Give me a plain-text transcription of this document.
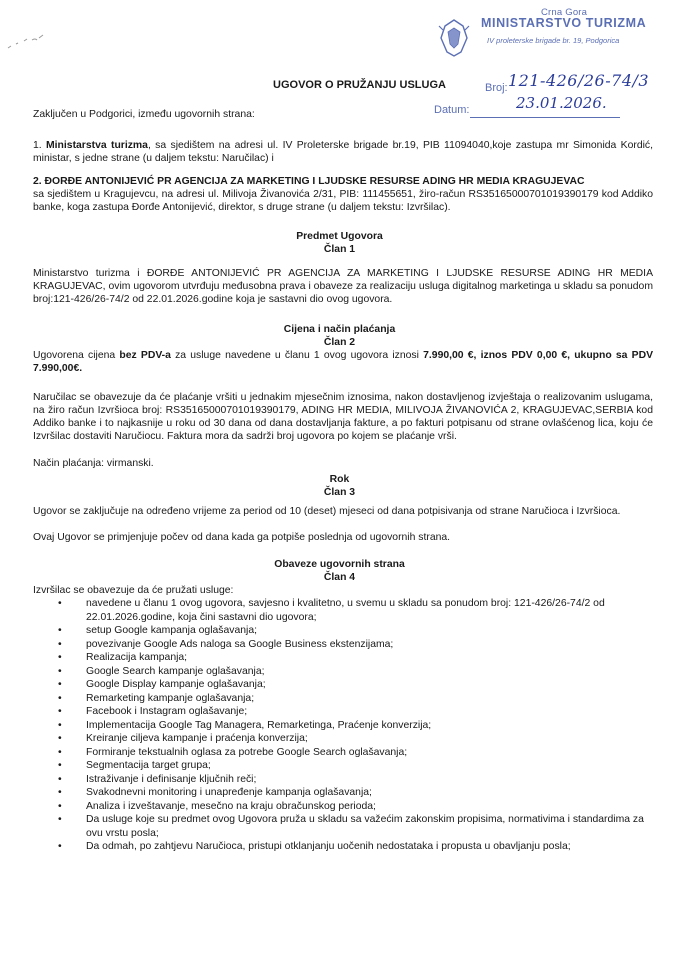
Crna Gora
MINISTARSTVO TURIZMA
IV proleterske brigade br. 19, Podgorica
Broj: 121-426/26-74/3
Datum:	23.01.2026.
UGOVOR O PRUŽANJU USLUGA
Zaključen u Podgorici, između ugovornih strana:
1. Ministarstva turizma, sa sjedištem na adresi ul. IV Proleterske brigade br.19, PIB 11094040,koje zastupa mr Simonida Kordić, ministar, s jedne strane (u daljem tekstu: Naručilac) i
2. ĐORĐE ANTONIJEVIĆ PR AGENCIJA ZA MARKETING I LJUDSKE RESURSE ADING HR MEDIA KRAGUJEVAC
sa sjedištem u Kragujevcu, na adresi ul. Milivoja Živanovića 2/31, PIB: 111455651, žiro-račun RS35165000701019390179 kod Addiko banke, koga zastupa Đorđe Antonijević, direktor, s druge strane (u daljem tekstu: Izvršilac).
Predmet Ugovora
Član 1
Ministarstvo turizma i ĐORĐE ANTONIJEVIĆ PR AGENCIJA ZA MARKETING I LJUDSKE RESURSE ADING HR MEDIA KRAGUJEVAC, ovim ugovorom utvrđuju međusobna prava i obaveze za realizaciju usluga digitalnog marketinga u skladu sa ponudom broj:121-426/26-74/2 od 22.01.2026.godine koja je sastavni dio ovog ugovora.
Cijena i način plaćanja
Član 2
Ugovorena cijena bez PDV-a za usluge navedene u članu 1 ovog ugovora iznosi 7.990,00 €, iznos PDV 0,00 €, ukupno sa PDV 7.990,00€.
Naručilac se obavezuje da će plaćanje vršiti u jednakim mjesečnim iznosima, nakon dostavljenog izvještaja o realizovanim uslugama, na žiro račun Izvršioca broj: RS35165000701019390179, ADING HR MEDIA, MILIVOJA ŽIVANOVIĆA 2, KRAGUJEVAC,SERBIA kod Addiko banke i to najkasnije u roku od 30 dana od dana dostavljanja fakture, a po fakturi potpisanu od strane ovlašćenog lica, koju će Izvršilac dostaviti Naručiocu. Faktura mora da sadrži broj ugovora po kojem se plaćanje vrši.
Način plaćanja: virmanski.
Rok
Član 3
Ugovor se zaključuje na određeno vrijeme za period od 10 (deset) mjeseci od dana potpisivanja od strane Naručioca i Izvršioca.
Ovaj Ugovor se primjenjuje počev od dana kada ga potpiše poslednja od ugovornih strana.
Obaveze ugovornih strana
Član 4
Izvršilac se obavezuje da će pružati usluge:
• navedene u članu 1 ovog ugovora, savjesno i kvalitetno, u svemu u skladu sa ponudom broj: 121-426/26-74/2 od 22.01.2026.godine, koja čini sastavni dio ugovora;
• setup Google kampanja oglašavanja;
• povezivanje Google Ads naloga sa Google Business ekstenzijama;
• Realizacija kampanja;
• Google Search kampanje oglašavanja;
• Google Display kampanje oglašavanja;
• Remarketing kampanje oglašavanja;
• Facebook i Instagram oglašavanje;
• Implementacija Google Tag Managera, Remarketinga, Praćenje konverzija;
• Kreiranje ciljeva kampanje i praćenja konverzija;
• Formiranje tekstualnih oglasa za potrebe Google Search oglašavanja;
• Segmentacija target grupa;
• Istraživanje i definisanje ključnih reči;
• Svakodnevni monitoring i unapređenje kampanja oglašavanja;
• Analiza i izveštavanje, mesečno na kraju obračunskog perioda;
• Da usluge koje su predmet ovog Ugovora pruža u skladu sa važećim zakonskim propisima, normativima i standardima za ovu vrstu posla;
• Da odmah, po zahtjevu Naručioca, pristupi otklanjanju uočenih nedostataka i propusta u obavljanju posla;
